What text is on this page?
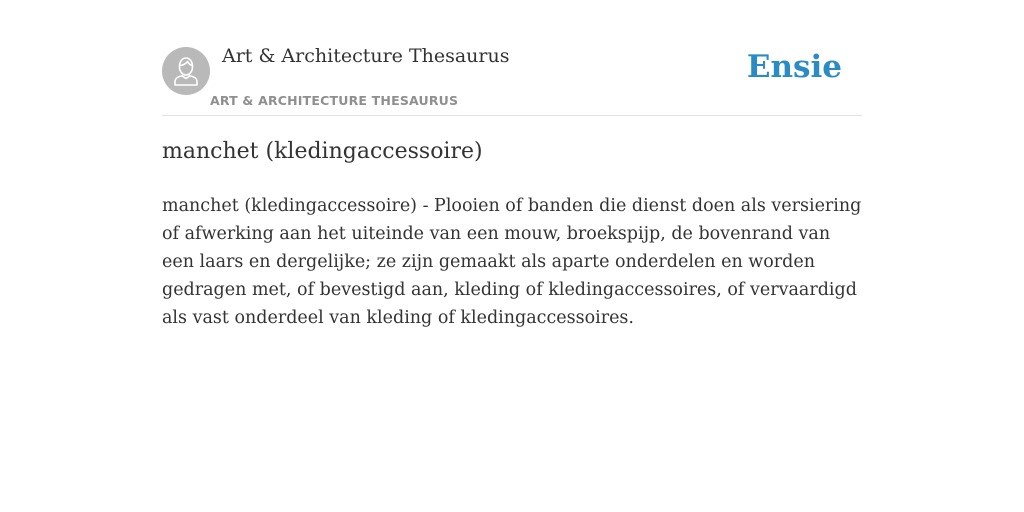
Art & Architecture Thesaurus
ART & ARCHITECTURE THESAURUS
Ensie
manchet (kledingaccessoire)

manchet (kledingaccessoire) - Plooien of banden die dienst doen als versiering of afwerking aan het uiteinde van een mouw, broekspijp, de bovenrand van een laars en dergelijke; ze zijn gemaakt als aparte onderdelen en worden gedragen met, of bevestigd aan, kleding of kledingaccessoires, of vervaardigd als vast onderdeel van kleding of kledingaccessoires.
